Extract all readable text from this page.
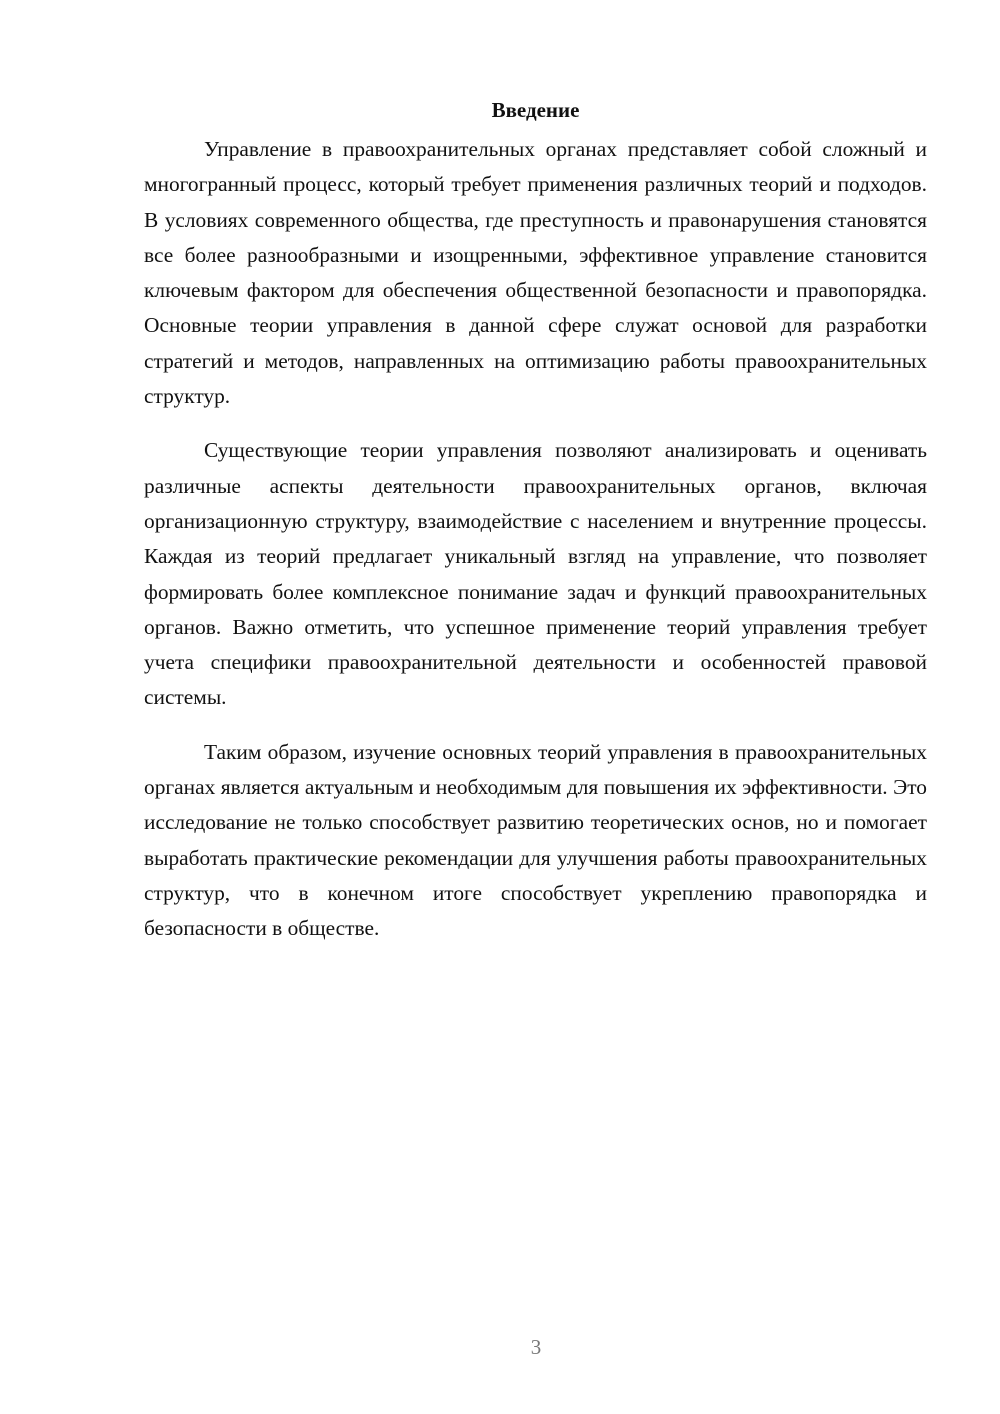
Введение

Управление в правоохранительных органах представляет собой сложный и многогранный процесс, который требует применения различных теорий и подходов. В условиях современного общества, где преступность и правонарушения становятся все более разнообразными и изощренными, эффективное управление становится ключевым фактором для обеспечения общественной безопасности и правопорядка. Основные теории управления в данной сфере служат основой для разработки стратегий и методов, направленных на оптимизацию работы правоохранительных структур.

Существующие теории управления позволяют анализировать и оценивать различные аспекты деятельности правоохранительных органов, включая организационную структуру, взаимодействие с населением и внутренние процессы. Каждая из теорий предлагает уникальный взгляд на управление, что позволяет формировать более комплексное понимание задач и функций правоохранительных органов. Важно отметить, что успешное применение теорий управления требует учета специфики правоохранительной деятельности и особенностей правовой системы.

Таким образом, изучение основных теорий управления в правоохранительных органах является актуальным и необходимым для повышения их эффективности. Это исследование не только способствует развитию теоретических основ, но и помогает выработать практические рекомендации для улучшения работы правоохранительных структур, что в конечном итоге способствует укреплению правопорядка и безопасности в обществе.

3
